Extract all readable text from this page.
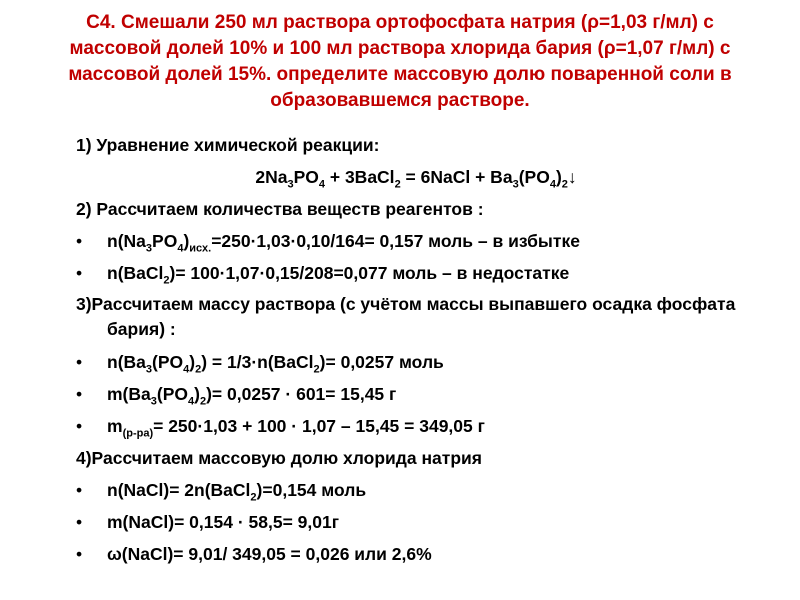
С4. Смешали 250 мл раствора ортофосфата натрия (ρ=1,03 г/мл) с массовой долей 10% и 100 мл раствора хлорида бария (ρ=1,07 г/мл) с массовой долей 15%. определите массовую долю поваренной соли в образовавшемся растворе.
1) Уравнение химической реакции:
$2Na_3PO_4$ + 3BaCl$_2$ = 6NaCl + $Ba_3(PO_4)_2↓$
2) Рассчитаем количества веществ реагентов :
•	$n(Na_3PO_4)_{исх.}=250\cdot 1,03\cdot 0,10/164= 0,157$ моль – в избытке
•	n(BaCl$_2$)= 100·1,07·0,15/208=0,077 моль – в недостатке
3)Рассчитаем массу раствора (с учётом массы выпавшего осадка фосфата бария) :
•	$n(Ba_3(PO_4)_2)$ = 1/3·n(BaCl$_2$)= 0,0257 моль
•	$m(Ba_3(PO_4)_2)= 0,0257 \cdot 601= 15,45$ г
•	$m_{(р-ра)}= 250\cdot 1,03 + 100 \cdot 1,07 - 15,45 = 349,05$ г
4)Рассчитаем массовую долю хлорида натрия
•	n(NaCl)= 2n(BaCl$_2$)=0,154 моль
•	m(NaCl)= 0,154 · 58,5= 9,01г
•	ω(NaCl)= 9,01/ 349,05 = 0,026 или 2,6%
